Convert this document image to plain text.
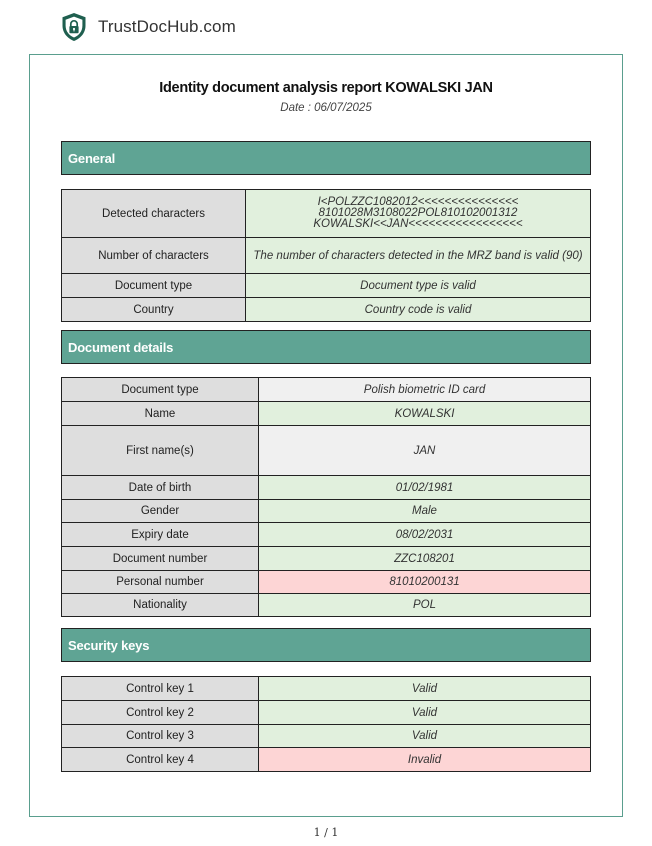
TrustDocHub.com
Identity document analysis report KOWALSKI JAN
Date : 06/07/2025
General
Detected characters	I<POLZZC1082012<<<<<<<<<<<<<<<
8101028M3108022POL810102001312
KOWALSKI<<JAN<<<<<<<<<<<<<<<<<

Number of characters	The number of characters detected in the MRZ band is valid (90)
Document type	Document type is valid
Country	Country code is valid
Document details
Document type	Polish biometric ID card
Name	KOWALSKI
First name(s)	JAN
Date of birth	01/02/1981
Gender	Male
Expiry date	08/02/2031
Document number	ZZC108201
Personal number	81010200131
Nationality	POL
Security keys
Control key 1	Valid
Control key 2	Valid
Control key 3	Valid
Control key 4	Invalid
1 / 1
